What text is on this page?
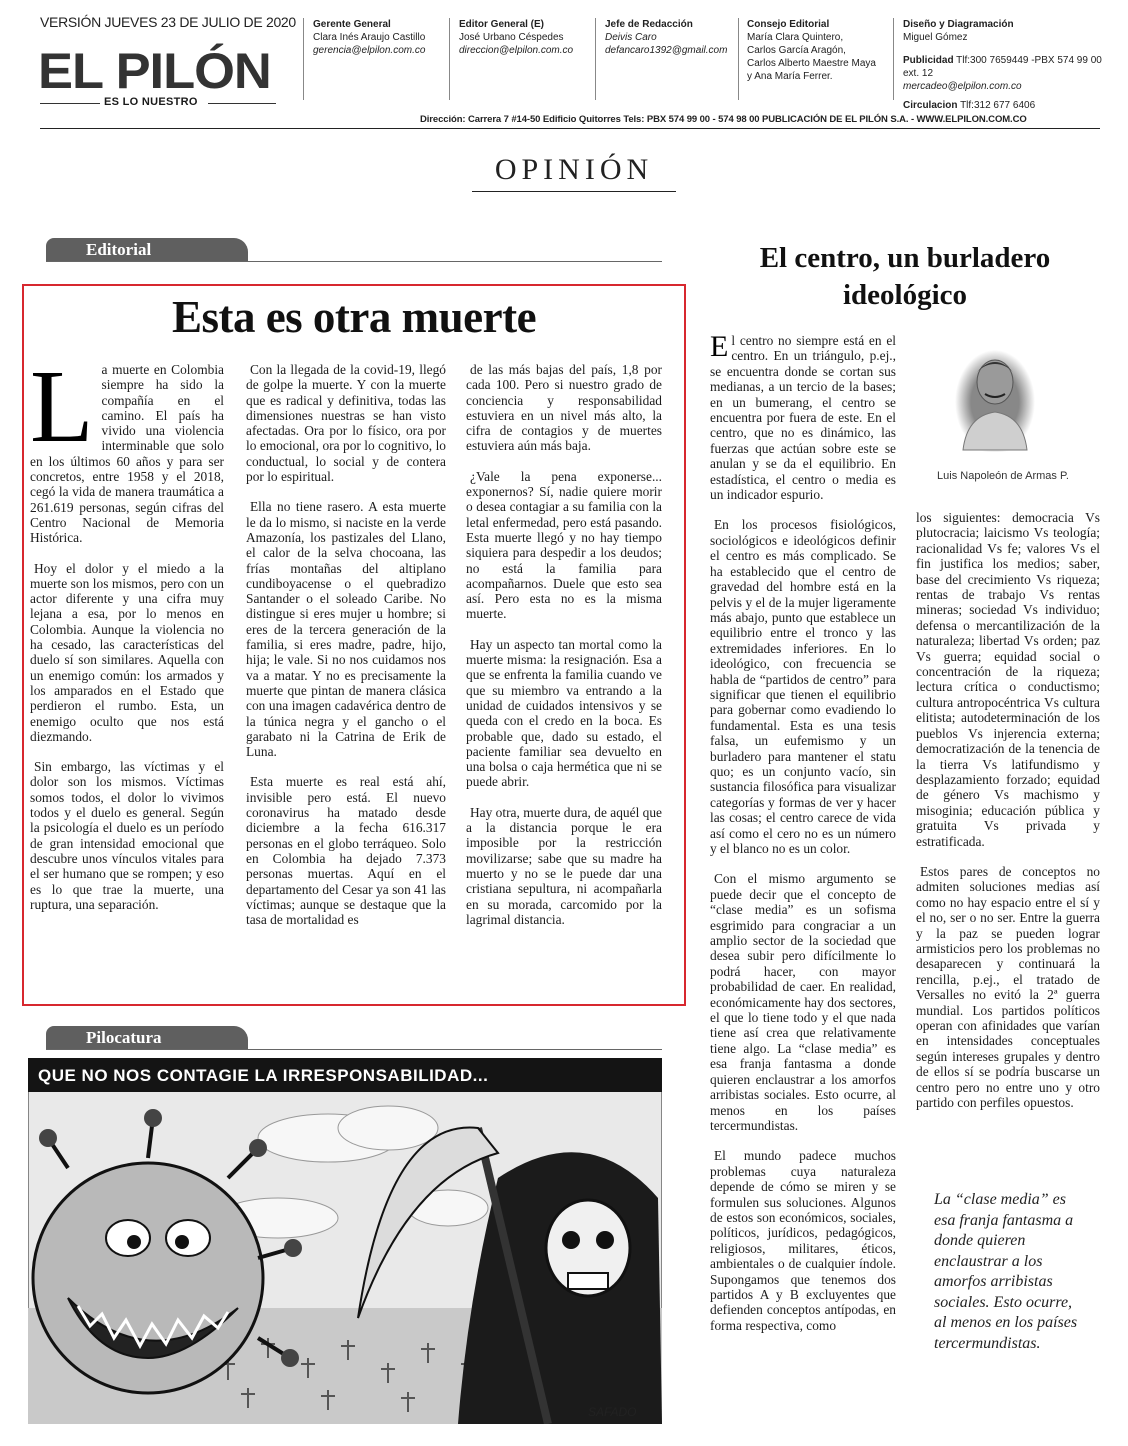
VERSIÓN JUEVES 23 DE JULIO DE 2020
EL PILÓN
ES LO NUESTRO
Gerente General
Clara Inés Araujo Castillo
gerencia@elpilon.com.co
Editor General (E)
José Urbano Céspedes
direccion@elpilon.com.co
Jefe de Redacción
Deivis Caro
defancaro1392@gmail.com
Consejo Editorial
María Clara Quintero,
Carlos García Aragón,
Carlos Alberto Maestre Maya
y Ana María Ferrer.
Diseño y Diagramación
Miguel Gómez
Publicidad Tlf:300 7659449 -PBX 574 99 00 ext. 12
mercadeo@elpilon.com.co
Circulacion Tlf:312 677 6406
Dirección: Carrera 7 #14-50 Edificio Quitorres Tels: PBX 574 99 00 - 574 98 00 PUBLICACIÓN DE EL PILÓN S.A. - WWW.ELPILON.COM.CO
OPINIÓN
Editorial
Esta es otra muerte

La muerte en Colombia siempre ha sido la compañía en el camino. El país ha vivido una violencia interminable que solo en los últimos 60 años y para ser concretos, entre 1958 y el 2018, cegó la vida de manera traumática a 261.619 personas, según cifras del Centro Nacional de Memoria Histórica.

Hoy el dolor y el miedo a la muerte son los mismos, pero con un actor diferente y una cifra muy lejana a esa, por lo menos en Colombia. Aunque la violencia no ha cesado, las características del duelo sí son similares. Aquella con un enemigo común: los armados y los amparados en el Estado que perdieron el rumbo. Esta, un enemigo oculto que nos está diezmando.

Sin embargo, las víctimas y el dolor son los mismos. Víctimas somos todos, el dolor lo vivimos todos y el duelo es general. Según la psicología el duelo es un período de gran intensidad emocional que descubre unos vínculos vitales para el ser humano que se rompen; y eso es lo que trae la muerte, una ruptura, una separación.

Con la llegada de la covid-19, llegó de golpe la muerte. Y con la muerte que es radical y definitiva, todas las dimensiones nuestras se han visto afectadas. Ora por lo físico, ora por lo emocional, ora por lo cognitivo, lo conductual, lo social y de contera por lo espiritual.

Ella no tiene rasero. A esta muerte le da lo mismo, si naciste en la verde Amazonía, los pastizales del Llano, el calor de la selva chocoana, las frías montañas del altiplano cundiboyacense o el quebradizo Santander o el soleado Caribe. No distingue si eres mujer u hombre; si eres de la tercera generación de la familia, si eres madre, padre, hijo, hija; le vale. Si no nos cuidamos nos va a matar. Y no es precisamente la muerte que pintan de manera clásica con una imagen cadavérica dentro de la túnica negra y el gancho o el garabato ni la Catrina de Erik de Luna.

Esta muerte es real está ahí, invisible pero está. El nuevo coronavirus ha matado desde diciembre a la fecha 616.317 personas en el globo terráqueo. Solo en Colombia ha dejado 7.373 personas muertas. Aquí en el departamento del Cesar ya son 41 las víctimas; aunque se destaque que la tasa de mortalidad es

de las más bajas del país, 1,8 por cada 100. Pero si nuestro grado de conciencia y responsabilidad estuviera en un nivel más alto, la cifra de contagios y de muertes estuviera aún más baja.

¿Vale la pena exponerse... exponernos? Sí, nadie quiere morir o desea contagiar a su familia con la letal enfermedad, pero está pasando. Esta muerte llegó y no hay tiempo siquiera para despedir a los deudos; no está la familia para acompañarnos. Duele que esto sea así. Pero esta no es la misma muerte.

Hay un aspecto tan mortal como la muerte misma: la resignación. Esa a que se enfrenta la familia cuando ve que su miembro va entrando a la unidad de cuidados intensivos y se queda con el credo en la boca. Es probable que, dado su estado, el paciente familiar sea devuelto en una bolsa o caja hermética que ni se puede abrir.

Hay otra, muerte dura, de aquél que a la distancia porque le era imposible por la restricción movilizarse; sabe que su madre ha muerto y no se le puede dar una cristiana sepultura, ni acompañarla en su morada, carcomido por la lagrimal distancia.

Pilocatura
SAFADO
QUE NO NOS CONTAGIE LA IRRESPONSABILIDAD...
El centro, un burladero ideológico
Luis Napoleón de Armas P.

El centro no siempre está en el centro. En un triángulo, p.ej., se encuentra donde se cortan sus medianas, a un tercio de la bases; en un bumerang, el centro se encuentra por fuera de este. En el centro, que no es dinámico, las fuerzas que actúan sobre este se anulan y se da el equilibrio. En estadística, el centro o media es un indicador espurio.

En los procesos fisiológicos, sociológicos e ideológicos definir el centro es más complicado. Se ha establecido que el centro de gravedad del hombre está en la pelvis y el de la mujer ligeramente más abajo, punto que establece un equilibrio entre el tronco y las extremidades inferiores. En lo ideológico, con frecuencia se habla de “partidos de centro” para significar que tienen el equilibrio para gobernar como evadiendo lo fundamental. Esta es una tesis falsa, un eufemismo y un burladero para mantener el statu quo; es un conjunto vacío, sin sustancia filosófica para visualizar categorías y formas de ver y hacer las cosas; el centro carece de vida así como el cero no es un número y el blanco no es un color.

Con el mismo argumento se puede decir que el concepto de “clase media” es un sofisma esgrimido para congraciar a un amplio sector de la sociedad que desea subir pero difícilmente lo podrá hacer, con mayor probabilidad de caer. En realidad, económicamente hay dos sectores, el que lo tiene todo y el que nada tiene así crea que relativamente tiene algo. La “clase media” es esa franja fantasma a donde quieren enclaustrar a los amorfos arribistas sociales. Esto ocurre, al menos en los países tercermundistas.

El mundo padece muchos problemas cuya naturaleza depende de cómo se miren y se formulen sus soluciones. Algunos de estos son económicos, sociales, políticos, jurídicos, pedagógicos, religiosos, militares, éticos, ambientales o de cualquier índole. Supongamos que tenemos dos partidos A y B excluyentes que defienden conceptos antípodas, en forma respectiva, como

los siguientes: democracia Vs plutocracia; laicismo Vs teología; racionalidad Vs fe; valores Vs el fin justifica los medios; saber, base del crecimiento Vs riqueza; rentas de trabajo Vs rentas mineras; sociedad Vs individuo; defensa o mercantilización de la naturaleza; libertad Vs orden; paz Vs guerra; equidad social o concentración de la riqueza; lectura crítica o conductismo; cultura antropocéntrica Vs cultura elitista; autodeterminación de los pueblos Vs injerencia externa; democratización de la tenencia de la tierra Vs latifundismo y desplazamiento forzado; equidad de género Vs machismo y misoginia; educación pública y gratuita Vs privada y estratificada.

Estos pares de conceptos no admiten soluciones medias así como no hay espacio entre el sí y el no, ser o no ser. Entre la guerra y la paz se pueden lograr armisticios pero los problemas no desaparecen y continuará la rencilla, p.ej., el tratado de Versalles no evitó la 2ª guerra mundial. Los partidos políticos operan con afinidades que varían en intensidades conceptuales según intereses grupales y dentro de ellos sí se podría buscarse un centro pero no entre uno y otro partido con perfiles opuestos.

La “clase media” es esa franja fantasma a donde quieren enclaustrar a los amorfos arribistas sociales. Esto ocurre, al menos en los países tercermundistas.
